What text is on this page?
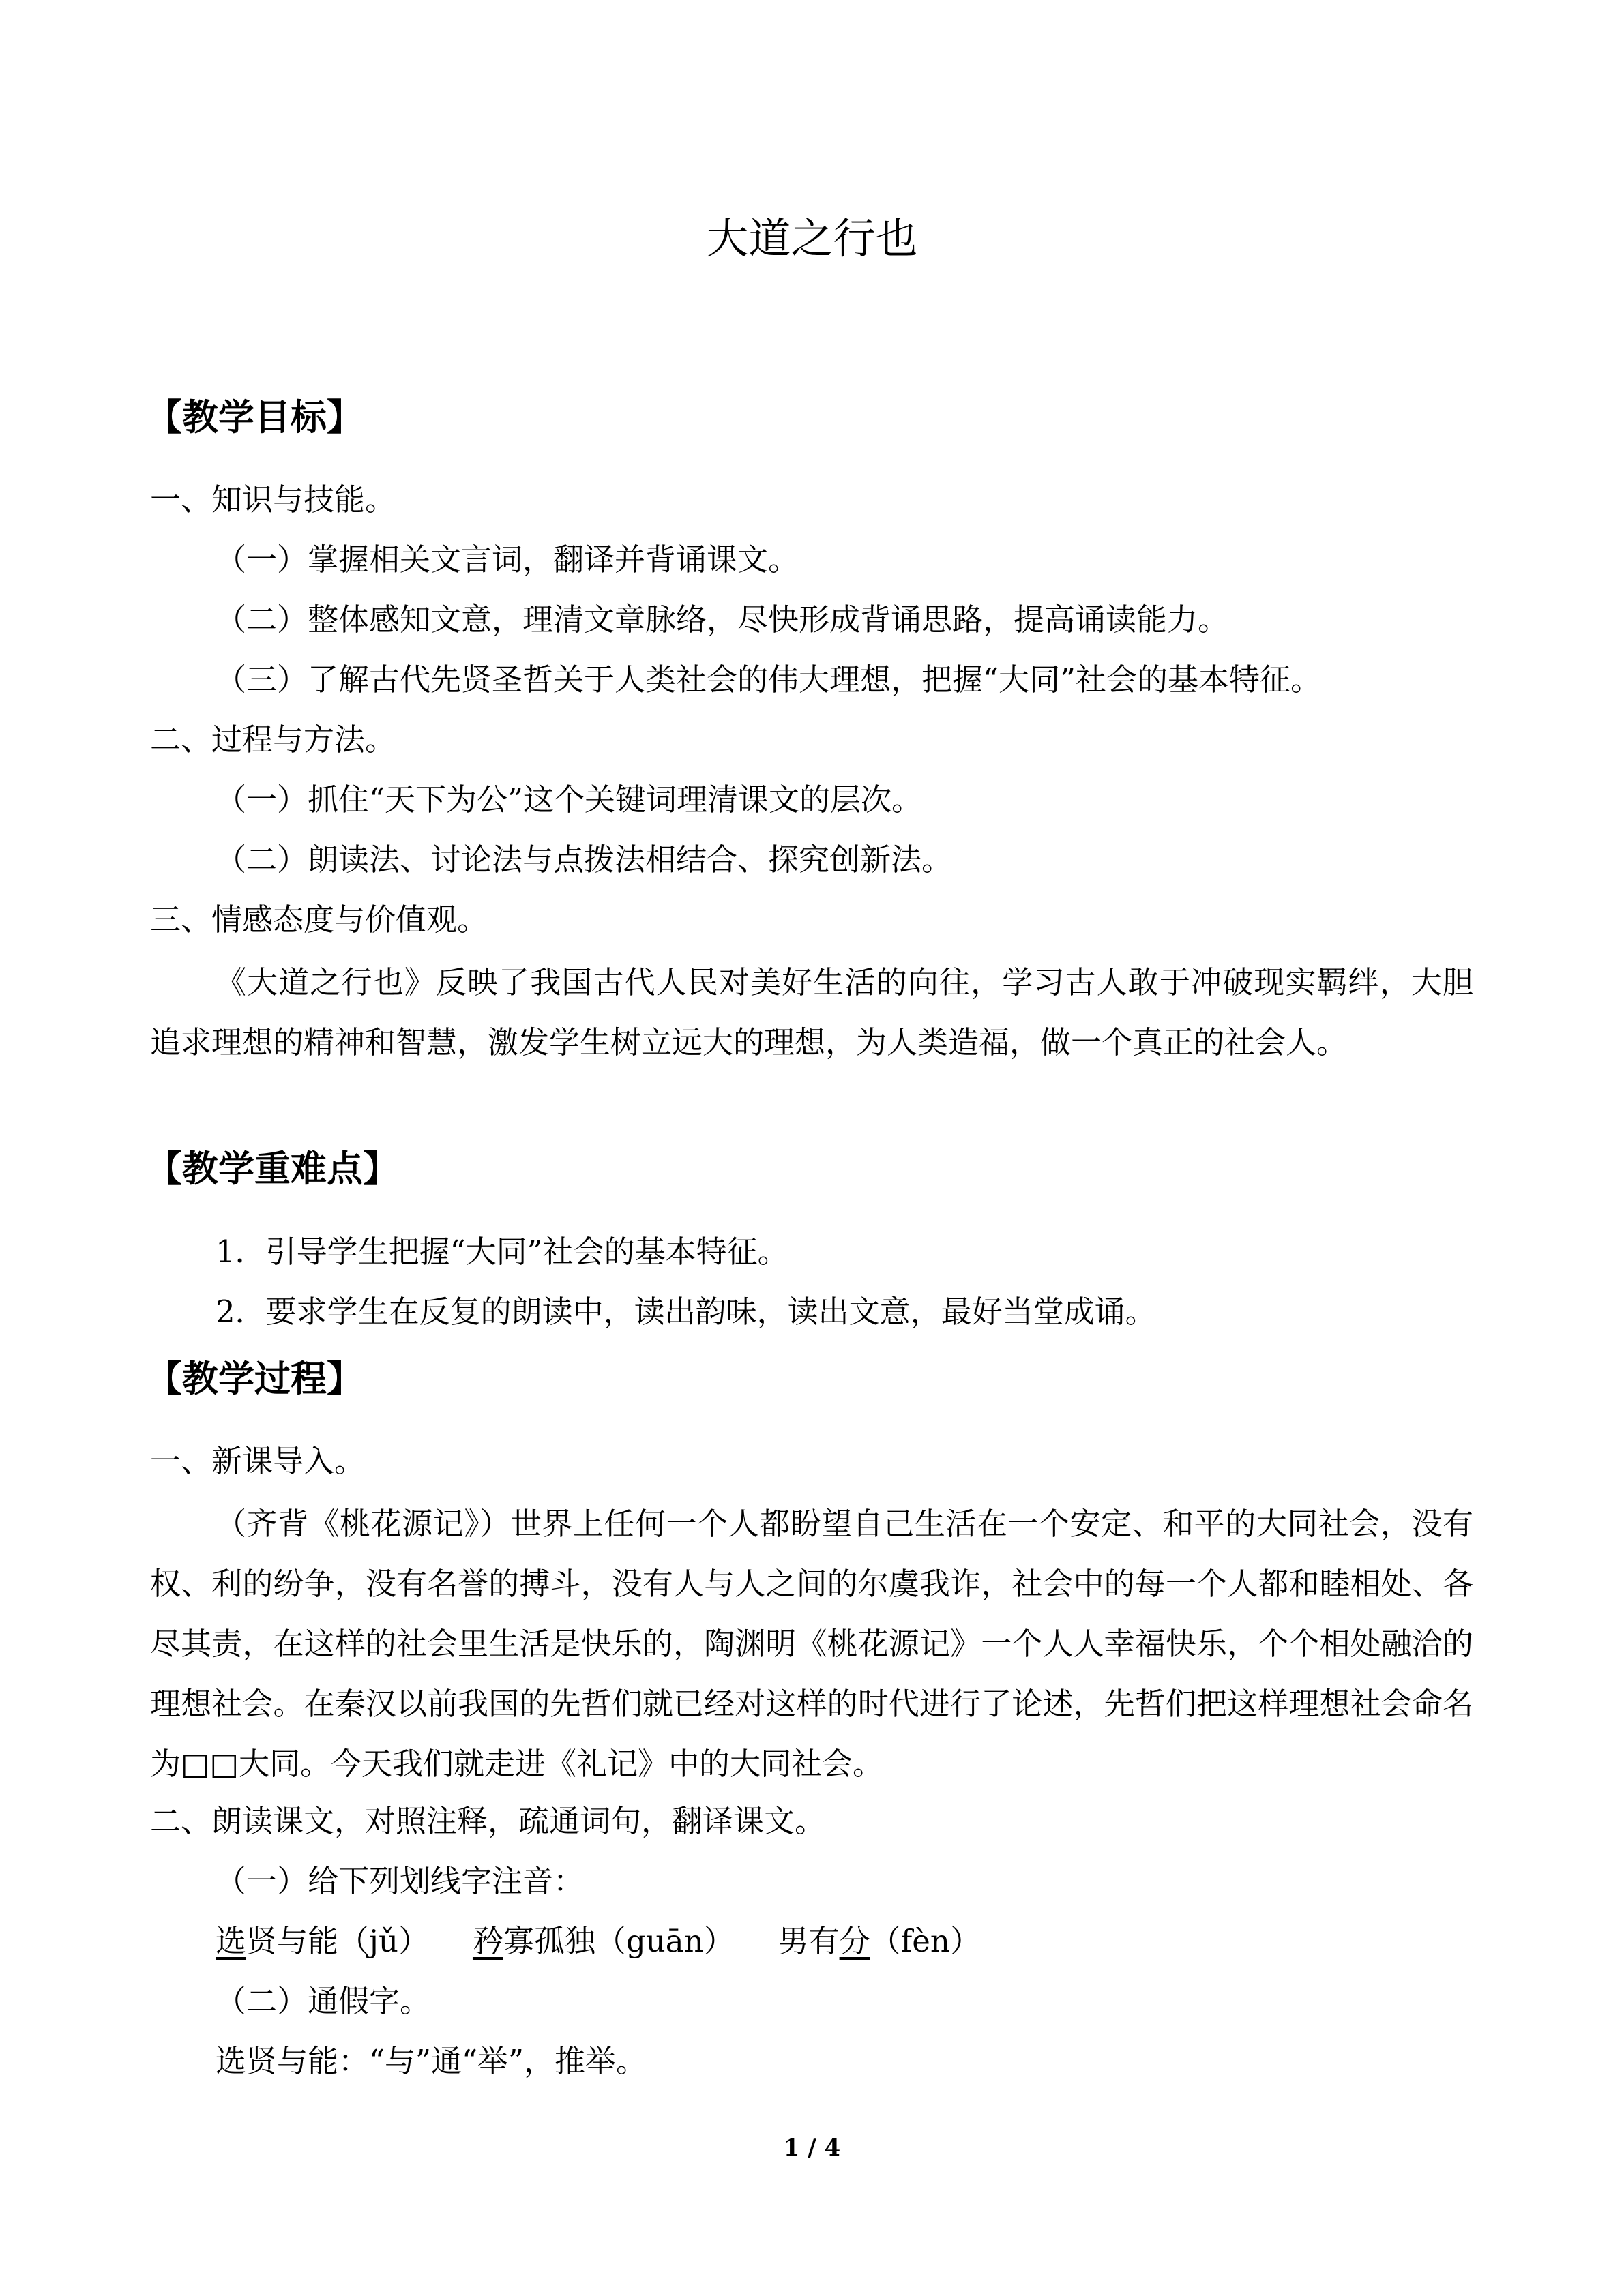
大道之行也
【教学目标】

一、知识与技能。

（一）掌握相关文言词，翻译并背诵课文。

（二）整体感知文意，理清文章脉络，尽快形成背诵思路，提高诵读能力。

（三）了解古代先贤圣哲关于人类社会的伟大理想，把握“大同”社会的基本特征。

二、过程与方法。

（一）抓住“天下为公”这个关键词理清课文的层次。

（二）朗读法、讨论法与点拨法相结合、探究创新法。

三、情感态度与价值观。

《大道之行也》反映了我国古代人民对美好生活的向往，学习古人敢于冲破现实羁绊，大胆追求理想的精神和智慧，激发学生树立远大的理想，为人类造福，做一个真正的社会人。

【教学重难点】

1．引导学生把握“大同”社会的基本特征。

2．要求学生在反复的朗读中，读出韵味，读出文意，最好当堂成诵。

【教学过程】

一、新课导入。

（齐背《桃花源记》）世界上任何一个人都盼望自己生活在一个安定、和平的大同社会，没有权、利的纷争，没有名誉的搏斗，没有人与人之间的尔虞我诈，社会中的每一个人都和睦相处、各尽其责，在这样的社会里生活是快乐的，陶渊明《桃花源记》一个人人幸福快乐，个个相处融洽的理想社会。在秦汉以前我国的先哲们就已经对这样的时代进行了论述，先哲们把这样理想社会命名为□□大同。今天我们就走进《礼记》中的大同社会。

二、朗读课文，对照注释，疏通词句，翻译课文。

（一）给下列划线字注音：

选贤与能（jǔ） 矜寡孤独（guān） 男有分（fèn）

（二）通假字。

选贤与能：“与”通“举”，推举。

1 / 4
